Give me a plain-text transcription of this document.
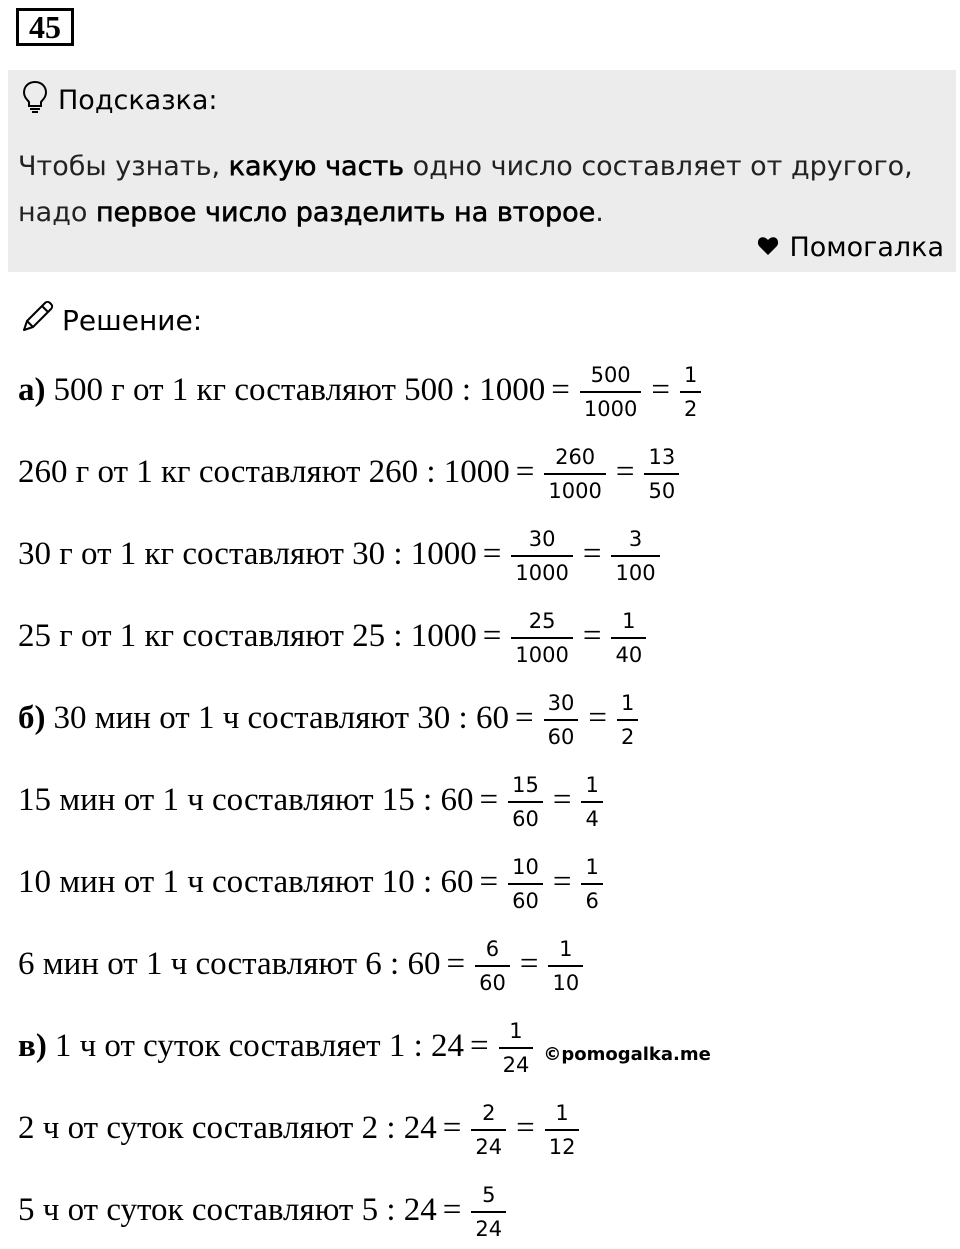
45
Подсказка:
Чтобы узнать, какую часть одно число составляет от другого,
надо первое число разделить на второе.
Помогалка
Решение:
а) 500 г от 1 кг составляют 500 : $1000 = \frac{500}{1000} = \frac{1}{2}$
260 г от 1 кг составляют 260 : $1000 = \frac{260}{1000} = \frac{13}{50}$
30 г от 1 кг составляют 30 : $1000 = \frac{30}{1000} = \frac{3}{100}$
25 г от 1 кг составляют 25 : $1000 = \frac{25}{1000} = \frac{1}{40}$
б) 30 мин от 1 ч составляют 30 : $60 = \frac{30}{60} = \frac{1}{2}$
15 мин от 1 ч составляют 15 : $60 = \frac{15}{60} = \frac{1}{4}$
10 мин от 1 ч составляют 10 : $60 = \frac{10}{60} = \frac{1}{6}$
6 мин от 1 ч составляют 6 : $60 = \frac{6}{60} = \frac{1}{10}$
в) 1 ч от суток составляет 1 : $24 = \frac{1}{24}$ ©pomogalka.me
2 ч от суток составляют 2 : $24 = \frac{2}{24} = \frac{1}{12}$
5 ч от суток составляют 5 : $24 = \frac{5}{24}$
